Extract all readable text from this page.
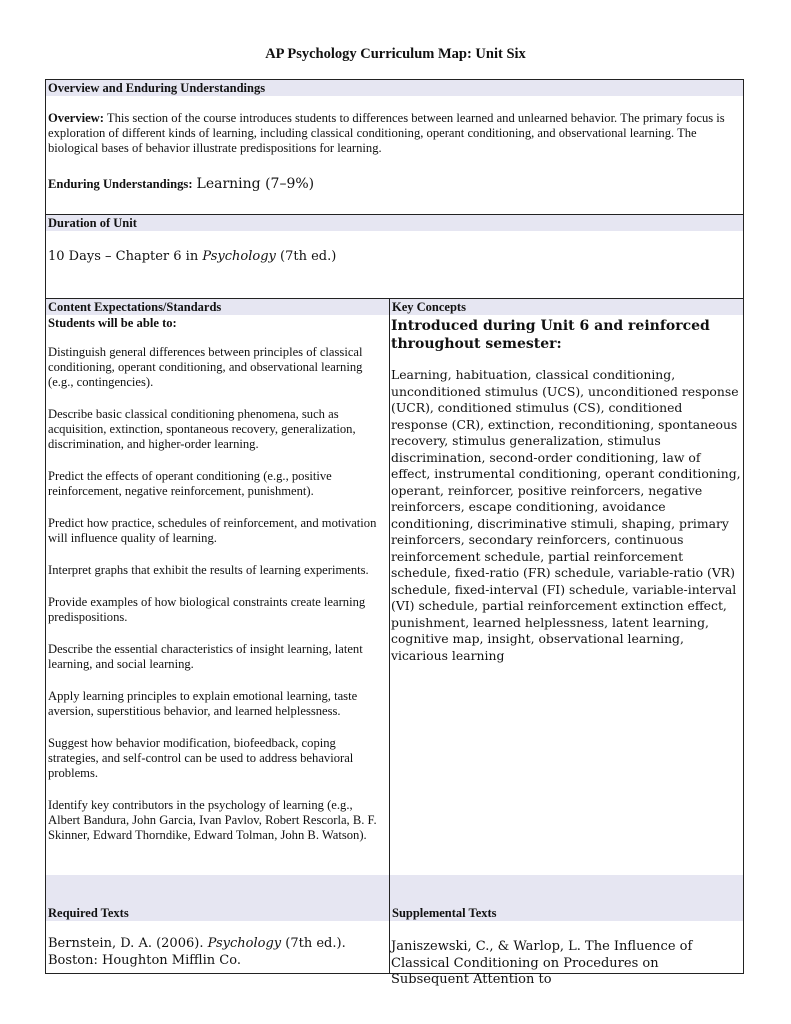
AP Psychology Curriculum Map: Unit Six
Overview and Enduring Understandings
Overview: This section of the course introduces students to differences between learned and unlearned behavior. The primary focus is exploration of different kinds of learning, including classical conditioning, operant conditioning, and observational learning. The biological bases of behavior illustrate predispositions for learning.
Enduring Understandings: Learning (7–9%)
Duration of Unit
10 Days – Chapter 6 in Psychology (7th ed.)
Content Expectations/Standards
Students will be able to:

Distinguish general differences between principles of classical conditioning, operant conditioning, and observational learning (e.g., contingencies).

Describe basic classical conditioning phenomena, such as acquisition, extinction, spontaneous recovery, generalization, discrimination, and higher-order learning.

Predict the effects of operant conditioning (e.g., positive reinforcement, negative reinforcement, punishment).

Predict how practice, schedules of reinforcement, and motivation will influence quality of learning.

Interpret graphs that exhibit the results of learning experiments.

Provide examples of how biological constraints create learning predispositions.

Describe the essential characteristics of insight learning, latent learning, and social learning.

Apply learning principles to explain emotional learning, taste aversion, superstitious behavior, and learned helplessness.

Suggest how behavior modification, biofeedback, coping strategies, and self-control can be used to address behavioral problems.

Identify key contributors in the psychology of learning (e.g., Albert Bandura, John Garcia, Ivan Pavlov, Robert Rescorla, B. F. Skinner, Edward Thorndike, Edward Tolman, John B. Watson).

Required Texts
Bernstein, D. A. (2006). Psychology (7th ed.). Boston: Houghton Mifflin Co.
Key Concepts
Introduced during Unit 6 and reinforced throughout semester:
Learning, habituation, classical conditioning, unconditioned stimulus (UCS), unconditioned response (UCR), conditioned stimulus (CS), conditioned response (CR), extinction, reconditioning, spontaneous recovery, stimulus generalization, stimulus discrimination, second-order conditioning, law of effect, instrumental conditioning, operant conditioning, operant, reinforcer, positive reinforcers, negative reinforcers, escape conditioning, avoidance conditioning, discriminative stimuli, shaping, primary reinforcers, secondary reinforcers, continuous reinforcement schedule, partial reinforcement schedule, fixed-ratio (FR) schedule, variable-ratio (VR) schedule, fixed-interval (FI) schedule, variable-interval (VI) schedule, partial reinforcement extinction effect, punishment, learned helplessness, latent learning, cognitive map, insight, observational learning, vicarious learning
Supplemental Texts
Janiszewski, C., & Warlop, L. The Influence of Classical Conditioning on Procedures on Subsequent Attention to
